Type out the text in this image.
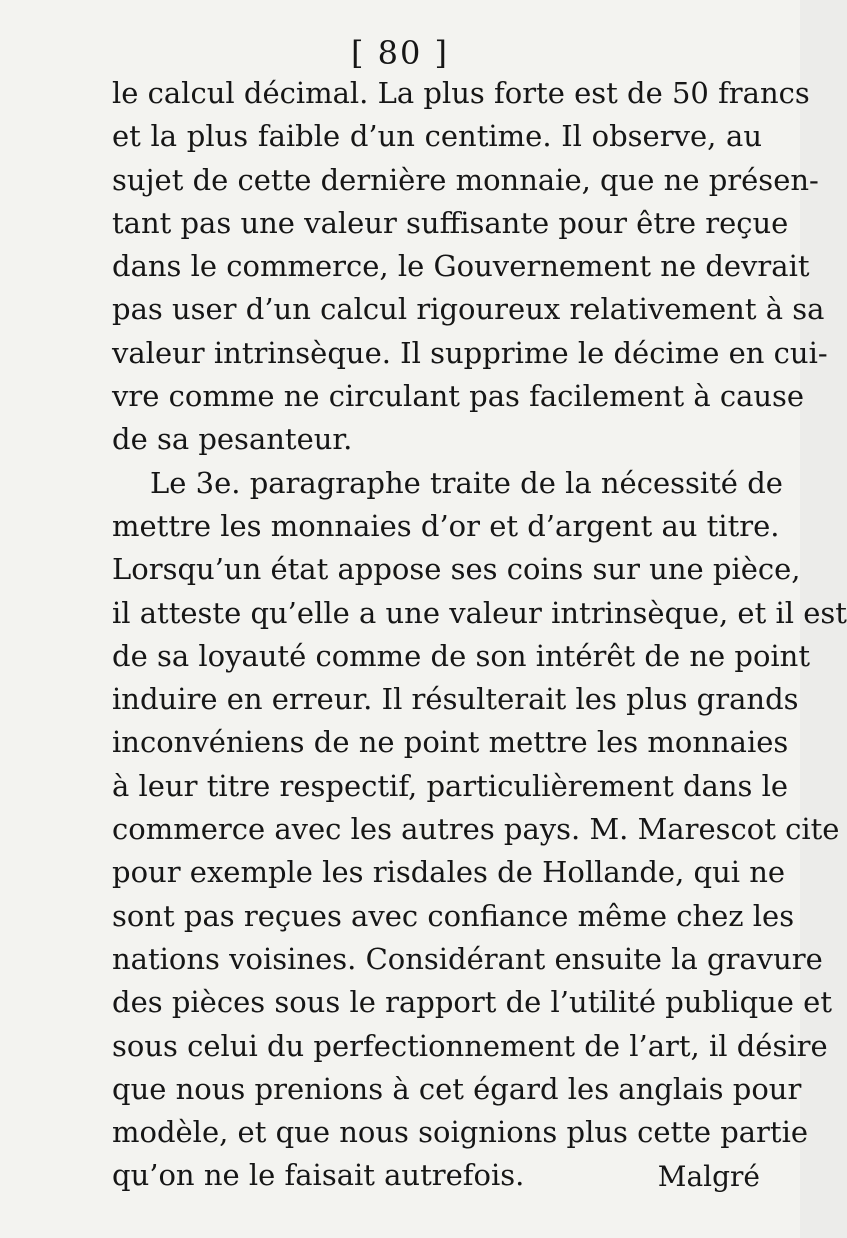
[ 80 ]
le calcul décimal. La plus forte est de 50 francs
et la plus faible d’un centime. Il observe, au
sujet de cette dernière monnaie, que ne présen-
tant pas une valeur suffisante pour être reçue
dans le commerce, le Gouvernement ne devrait
pas user d’un calcul rigoureux relativement à sa
valeur intrinsèque. Il supprime le décime en cui-
vre comme ne circulant pas facilement à cause
de sa pesanteur.
Le 3e. paragraphe traite de la nécessité de
mettre les monnaies d’or et d’argent au titre.
Lorsqu’un état appose ses coins sur une pièce,
il atteste qu’elle a une valeur intrinsèque, et il est
de sa loyauté comme de son intérêt de ne point
induire en erreur. Il résulterait les plus grands
inconvéniens de ne point mettre les monnaies
à leur titre respectif, particulièrement dans le
commerce avec les autres pays. M. Marescot cite
pour exemple les risdales de Hollande, qui ne
sont pas reçues avec confiance même chez les
nations voisines. Considérant ensuite la gravure
des pièces sous le rapport de l’utilité publique et
sous celui du perfectionnement de l’art, il désire
que nous prenions à cet égard les anglais pour
modèle, et que nous soignions plus cette partie
qu’on ne le faisait autrefois.	Malgré
